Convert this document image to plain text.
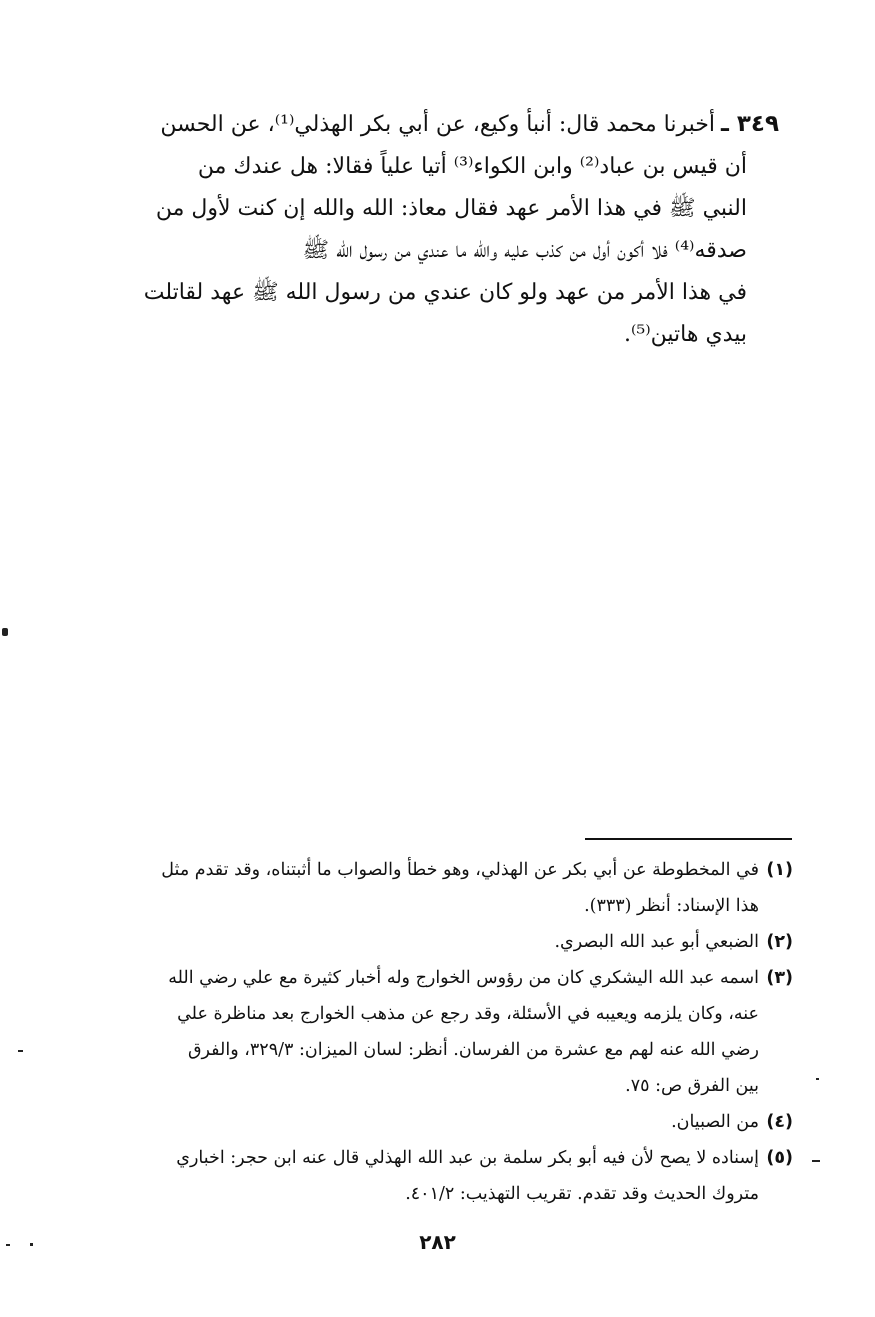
٣٤٩ ـ
أخبرنا محمد قال: أنبأ وكيع، عن أبي بكر الهذلي⁽¹⁾، عن الحسن
أن قيس بن عباد⁽²⁾ وابن الكواء⁽³⁾ أتيا علياً فقالا: هل عندك من
النبي ﷺ في هذا الأمر عهد فقال معاذ: الله والله إن كنت لأول من
صدقه⁽⁴⁾ فلا أكون أول من كذب عليه والله ما عندي من رسول الله ﷺ
في هذا الأمر من عهد ولو كان عندي من رسول الله ﷺ عهد لقاتلت
بيدي هاتين⁽⁵⁾.
(١)في المخطوطة عن أبي بكر عن الهذلي، وهو خطأ والصواب ما أثبتناه، وقد تقدم مثل
هذا الإسناد: أنظر (٣٣٣).
(٢)الضبعي أبو عبد الله البصري.
(٣)اسمه عبد الله اليشكري كان من رؤوس الخوارج وله أخبار كثيرة مع علي رضي الله
عنه، وكان يلزمه ويعيبه في الأسئلة، وقد رجع عن مذهب الخوارج بعد مناظرة علي
رضي الله عنه لهم مع عشرة من الفرسان. أنظر: لسان الميزان: ٣٢٩/٣، والفرق
بين الفرق ص: ٧٥.
(٤)من الصبيان.
(٥)إسناده لا يصح لأن فيه أبو بكر سلمة بن عبد الله الهذلي قال عنه ابن حجر: اخباري
متروك الحديث وقد تقدم. تقريب التهذيب: ٤٠١/٢.
٢٨٢
